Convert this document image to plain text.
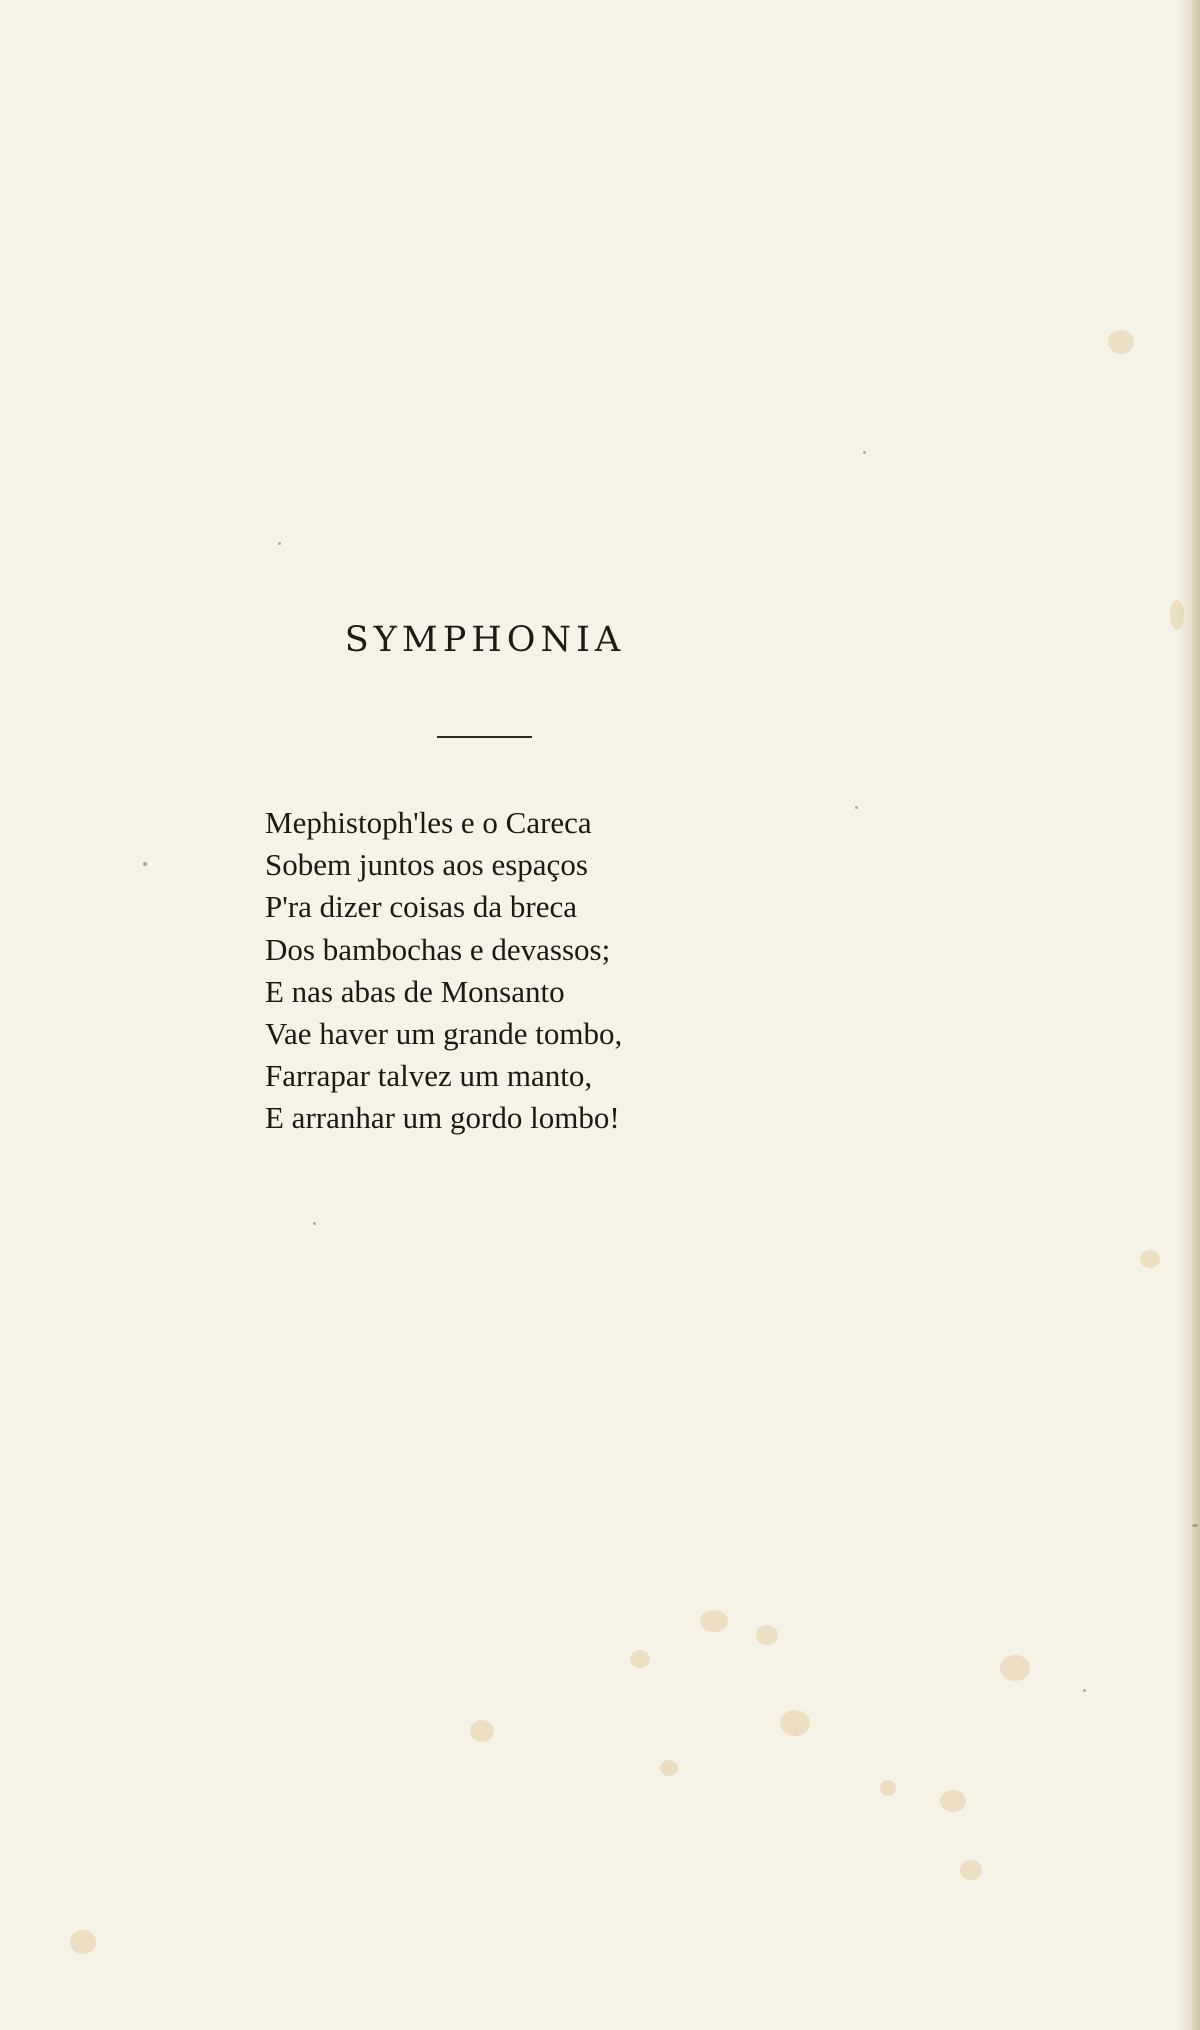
SYMPHONIA
Mephistoph'les e o Careca
Sobem juntos aos espaços
P'ra dizer coisas da breca
Dos bambochas e devassos;
E nas abas de Monsanto
Vae haver um grande tombo,
Farrapar talvez um manto,
E arranhar um gordo lombo!
